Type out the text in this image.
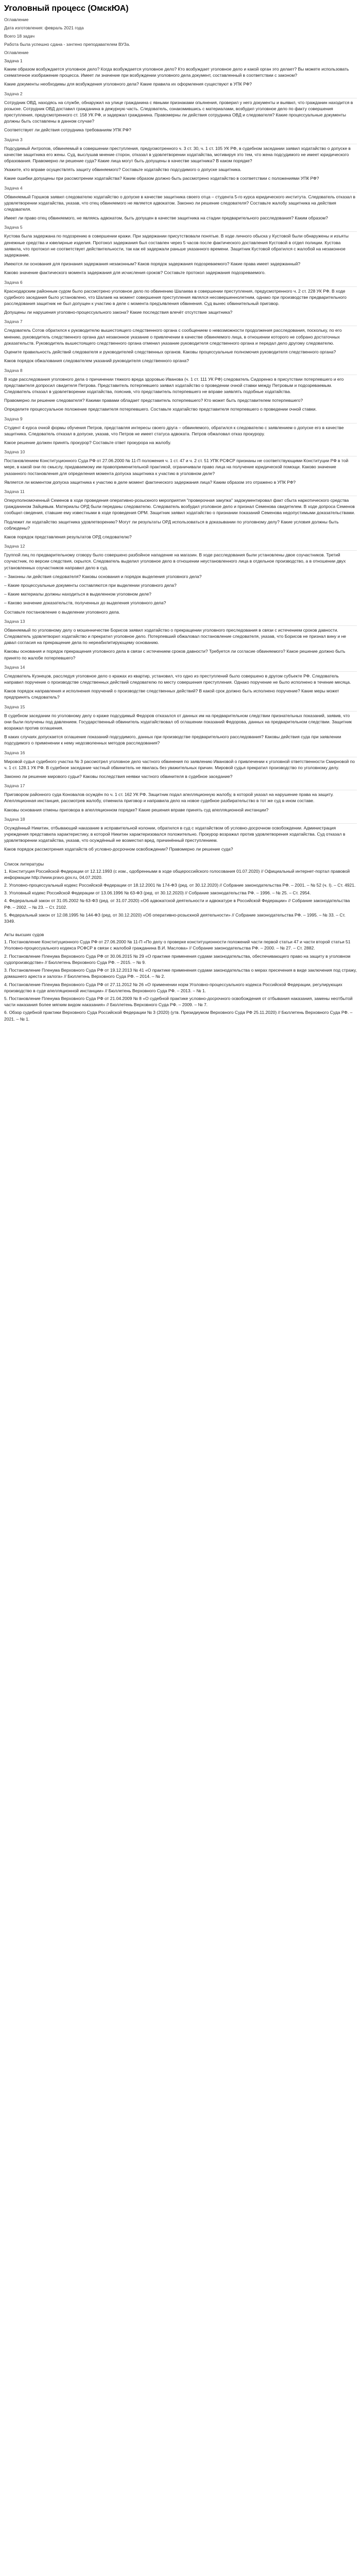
Уголовный процесс (ОмскЮА)
Оглавление
Дата изготовления: февраль 2021 года
Всего 18 задач
Работа была успешно сдана - зачтено преподавателем ВУЗа.
Оглавление
Задача 1

Каким образом возбуждается уголовное дело? Когда возбуждается уголовное дело? Кто возбуждает уголовное дело и какой орган это делает? Вы можете использовать схематичное изображение процесса. Имеет ли значение при возбуждении уголовного дела документ, составленный в соответствии с законом?

Какие документы необходимы для возбуждения уголовного дела? Какие правила их оформления существуют в УПК РФ?

Задача 2

Сотрудник ОВД, находясь на службе, обнаружил на улице гражданина с явными признаками опьянения, проверил у него документы и выявил, что гражданин находится в розыске. Сотрудник ОВД доставил гражданина в дежурную часть. Следователь, ознакомившись с материалами, возбудил уголовное дело по факту совершения преступления, предусмотренного ст. 158 УК РФ, и задержал гражданина. Правомерны ли действия сотрудника ОВД и следователя? Какие процессуальные документы должны быть составлены в данном случае?

Соответствует ли действия сотрудника требованиям УПК РФ?

Задача 3

Подсудимый Антропов, обвиняемый в совершении преступления, предусмотренного ч. 3 ст. 30, ч. 1 ст. 105 УК РФ, в судебном заседании заявил ходатайство о допуске в качестве защитника его жены. Суд, выслушав мнение сторон, отказал в удовлетворении ходатайства, мотивируя это тем, что жена подсудимого не имеет юридического образования. Правомерно ли решение суда? Какие лица могут быть допущены в качестве защитника? В каком порядке?

Укажите, кто вправе осуществлять защиту обвиняемого? Составьте ходатайство подсудимого о допуске защитника.

Какие ошибки допущены при рассмотрении ходатайства? Каким образом должно быть рассмотрено ходатайство в соответствии с положениями УПК РФ?

Задача 4

Обвиняемый Горшков заявил следователю ходатайство о допуске в качестве защитника своего отца – студента 5-го курса юридического института. Следователь отказал в удовлетворении ходатайства, указав, что отец обвиняемого не является адвокатом. Законно ли решение следователя? Составьте жалобу защитника на действия следователя.

Имеет ли право отец обвиняемого, не являясь адвокатом, быть допущен в качестве защитника на стадии предварительного расследования? Каким образом?

Задача 5

Кустова была задержана по подозрению в совершении кражи. При задержании присутствовали понятые. В ходе личного обыска у Кустовой были обнаружены и изъяты денежные средства и ювелирные изделия. Протокол задержания был составлен через 5 часов после фактического доставления Кустовой в отдел полиции. Кустова заявила, что протокол не соответствует действительности, так как её задержали раньше указанного времени. Защитник Кустовой обратился с жалобой на незаконное задержание.

Имеются ли основания для признания задержания незаконным? Каков порядок задержания подозреваемого? Какие права имеет задержанный?

Каково значение фактического момента задержания для исчисления сроков? Составьте протокол задержания подозреваемого.

Задача 6

Краснодарским районным судом было рассмотрено уголовное дело по обвинению Шалаева в совершении преступления, предусмотренного ч. 2 ст. 228 УК РФ. В ходе судебного заседания было установлено, что Шалаев на момент совершения преступления являлся несовершеннолетним, однако при производстве предварительного расследования защитник не был допущен к участию в деле с момента предъявления обвинения. Суд вынес обвинительный приговор.

Допущены ли нарушения уголовно-процессуального закона? Какие последствия влечёт отсутствие защитника?

Задача 7

Следователь Сотов обратился к руководителю вышестоящего следственного органа с сообщением о невозможности продолжения расследования, поскольку, по его мнению, руководитель следственного органа дал незаконное указание о привлечении в качестве обвиняемого лица, в отношении которого не собрано достаточных доказательств. Руководитель вышестоящего следственного органа отменил указание руководителя следственного органа и передал дело другому следователю.

Оцените правильность действий следователя и руководителей следственных органов. Каковы процессуальные полномочия руководителя следственного органа?

Каков порядок обжалования следователем указаний руководителя следственного органа?

Задача 8

В ходе расследования уголовного дела о причинении тяжкого вреда здоровью Иванова (ч. 1 ст. 111 УК РФ) следователь Сидоренко в присутствии потерпевшего и его представителя допросил свидетеля Петрова. Представитель потерпевшего заявил ходатайство о проведении очной ставки между Петровым и подозреваемым. Следователь отказал в удовлетворении ходатайства, пояснив, что представитель потерпевшего не вправе заявлять подобные ходатайства.

Правомерно ли решение следователя? Какими правами обладает представитель потерпевшего? Кто может быть представителем потерпевшего?

Определите процессуальное положение представителя потерпевшего. Составьте ходатайство представителя потерпевшего о проведении очной ставки.

Задача 9

Студент 4 курса очной формы обучения Петров, представляя интересы своего друга – обвиняемого, обратился к следователю с заявлением о допуске его в качестве защитника. Следователь отказал в допуске, указав, что Петров не имеет статуса адвоката. Петров обжаловал отказ прокурору.

Какое решение должен принять прокурор? Составьте ответ прокурора на жалобу.

Задача 10

Постановлением Конституционного Суда РФ от 27.06.2000 № 11-П положения ч. 1 ст. 47 и ч. 2 ст. 51 УПК РСФСР признаны не соответствующими Конституции РФ в той мере, в какой они по смыслу, придаваемому им правоприменительной практикой, ограничивали право лица на получение юридической помощи. Каково значение указанного постановления для определения момента допуска защитника к участию в уголовном деле?

Является ли моментом допуска защитника к участию в деле момент фактического задержания лица? Каким образом это отражено в УПК РФ?

Задача 11

Оперуполномоченный Семенов в ходе проведения оперативно-розыскного мероприятия "проверочная закупка" задокументировал факт сбыта наркотического средства гражданином Зайцевым. Материалы ОРД были переданы следователю. Следователь возбудил уголовное дело и признал Семенова свидетелем. В ходе допроса Семенов сообщил сведения, ставшие ему известными в ходе проведения ОРМ. Защитник заявил ходатайство о признании показаний Семенова недопустимыми доказательствами.

Подлежит ли ходатайство защитника удовлетворению? Могут ли результаты ОРД использоваться в доказывании по уголовному делу? Какие условия должны быть соблюдены?

Каков порядок представления результатов ОРД следователю?

Задача 12

Группой лиц по предварительному сговору было совершено разбойное нападение на магазин. В ходе расследования были установлены двое соучастников. Третий соучастник, по версии следствия, скрылся. Следователь выделил уголовное дело в отношении неустановленного лица в отдельное производство, а в отношении двух установленных соучастников направил дело в суд.

– Законны ли действия следователя? Каковы основания и порядок выделения уголовного дела?

– Какие процессуальные документы составляются при выделении уголовного дела?

– Какие материалы должны находиться в выделенном уголовном деле?

– Каково значение доказательств, полученных до выделения уголовного дела?

Составьте постановление о выделении уголовного дела.

Задача 13

Обвиняемый по уголовному делу о мошенничестве Борисов заявил ходатайство о прекращении уголовного преследования в связи с истечением сроков давности. Следователь удовлетворил ходатайство и прекратил уголовное дело. Потерпевший обжаловал постановление следователя, указав, что Борисов не признал вину и не давал согласия на прекращение дела по нереабилитирующему основанию.

Каковы основания и порядок прекращения уголовного дела в связи с истечением сроков давности? Требуется ли согласие обвиняемого? Какое решение должно быть принято по жалобе потерпевшего?

Задача 14

Следователь Кузнецов, расследуя уголовное дело о кражах из квартир, установил, что одно из преступлений было совершено в другом субъекте РФ. Следователь направил поручение о производстве следственных действий следователю по месту совершения преступления. Однако поручение не было исполнено в течение месяца.

Каков порядок направления и исполнения поручений о производстве следственных действий? В какой срок должно быть исполнено поручение? Какие меры может предпринять следователь?

Задача 15

В судебном заседании по уголовному делу о краже подсудимый Федоров отказался от данных им на предварительном следствии признательных показаний, заявив, что они были получены под давлением. Государственный обвинитель ходатайствовал об оглашении показаний Федорова, данных на предварительном следствии. Защитник возражал против оглашения.

В каких случаях допускается оглашение показаний подсудимого, данных при производстве предварительного расследования? Каковы действия суда при заявлении подсудимого о применении к нему недозволенных методов расследования?

Задача 16

Мировой судья судебного участка № 3 рассмотрел уголовное дело частного обвинения по заявлению Ивановой о привлечении к уголовной ответственности Смирновой по ч. 1 ст. 128.1 УК РФ. В судебное заседание частный обвинитель не явилась без уважительных причин. Мировой судья прекратил производство по уголовному делу.

Законно ли решение мирового судьи? Каковы последствия неявки частного обвинителя в судебное заседание?

Задача 17

Приговором районного суда Коновалов осуждён по ч. 1 ст. 162 УК РФ. Защитник подал апелляционную жалобу, в которой указал на нарушение права на защиту. Апелляционная инстанция, рассмотрев жалобу, отменила приговор и направила дело на новое судебное разбирательство в тот же суд в ином составе.

Каковы основания отмены приговора в апелляционном порядке? Какие решения вправе принять суд апелляционной инстанции?

Задача 18

Осуждённый Никитин, отбывающий наказание в исправительной колонии, обратился в суд с ходатайством об условно-досрочном освобождении. Администрация учреждения представила характеристику, в которой Никитин характеризовался положительно. Прокурор возражал против удовлетворения ходатайства. Суд отказал в удовлетворении ходатайства, указав, что осуждённый не возместил вред, причинённый преступлением.

Каков порядок рассмотрения ходатайств об условно-досрочном освобождении? Правомерно ли решение суда?

Список литературы

1. Конституция Российской Федерации от 12.12.1993 (с изм., одобренными в ходе общероссийского голосования 01.07.2020) // Официальный интернет-портал правовой информации http://www.pravo.gov.ru, 04.07.2020.

2. Уголовно-процессуальный кодекс Российской Федерации от 18.12.2001 № 174-ФЗ (ред. от 30.12.2020) // Собрание законодательства РФ. – 2001. – № 52 (ч. I). – Ст. 4921.

3. Уголовный кодекс Российской Федерации от 13.06.1996 № 63-ФЗ (ред. от 30.12.2020) // Собрание законодательства РФ. – 1996. – № 25. – Ст. 2954.

4. Федеральный закон от 31.05.2002 № 63-ФЗ (ред. от 31.07.2020) «Об адвокатской деятельности и адвокатуре в Российской Федерации» // Собрание законодательства РФ. – 2002. – № 23. – Ст. 2102.

5. Федеральный закон от 12.08.1995 № 144-ФЗ (ред. от 30.12.2020) «Об оперативно-розыскной деятельности» // Собрание законодательства РФ. – 1995. – № 33. – Ст. 3349.

Акты высших судов

1. Постановление Конституционного Суда РФ от 27.06.2000 № 11-П «По делу о проверке конституционности положений части первой статьи 47 и части второй статьи 51 Уголовно-процессуального кодекса РСФСР в связи с жалобой гражданина В.И. Маслова» // Собрание законодательства РФ. – 2000. – № 27. – Ст. 2882.

2. Постановление Пленума Верховного Суда РФ от 30.06.2015 № 29 «О практике применения судами законодательства, обеспечивающего право на защиту в уголовном судопроизводстве» // Бюллетень Верховного Суда РФ. – 2015. – № 9.

3. Постановление Пленума Верховного Суда РФ от 19.12.2013 № 41 «О практике применения судами законодательства о мерах пресечения в виде заключения под стражу, домашнего ареста и залога» // Бюллетень Верховного Суда РФ. – 2014. – № 2.

4. Постановление Пленума Верховного Суда РФ от 27.11.2012 № 26 «О применении норм Уголовно-процессуального кодекса Российской Федерации, регулирующих производство в суде апелляционной инстанции» // Бюллетень Верховного Суда РФ. – 2013. – № 1.

5. Постановление Пленума Верховного Суда РФ от 21.04.2009 № 8 «О судебной практике условно-досрочного освобождения от отбывания наказания, замены неотбытой части наказания более мягким видом наказания» // Бюллетень Верховного Суда РФ. – 2009. – № 7.

6. Обзор судебной практики Верховного Суда Российской Федерации № 3 (2020) (утв. Президиумом Верховного Суда РФ 25.11.2020) // Бюллетень Верховного Суда РФ. – 2021. – № 1.
